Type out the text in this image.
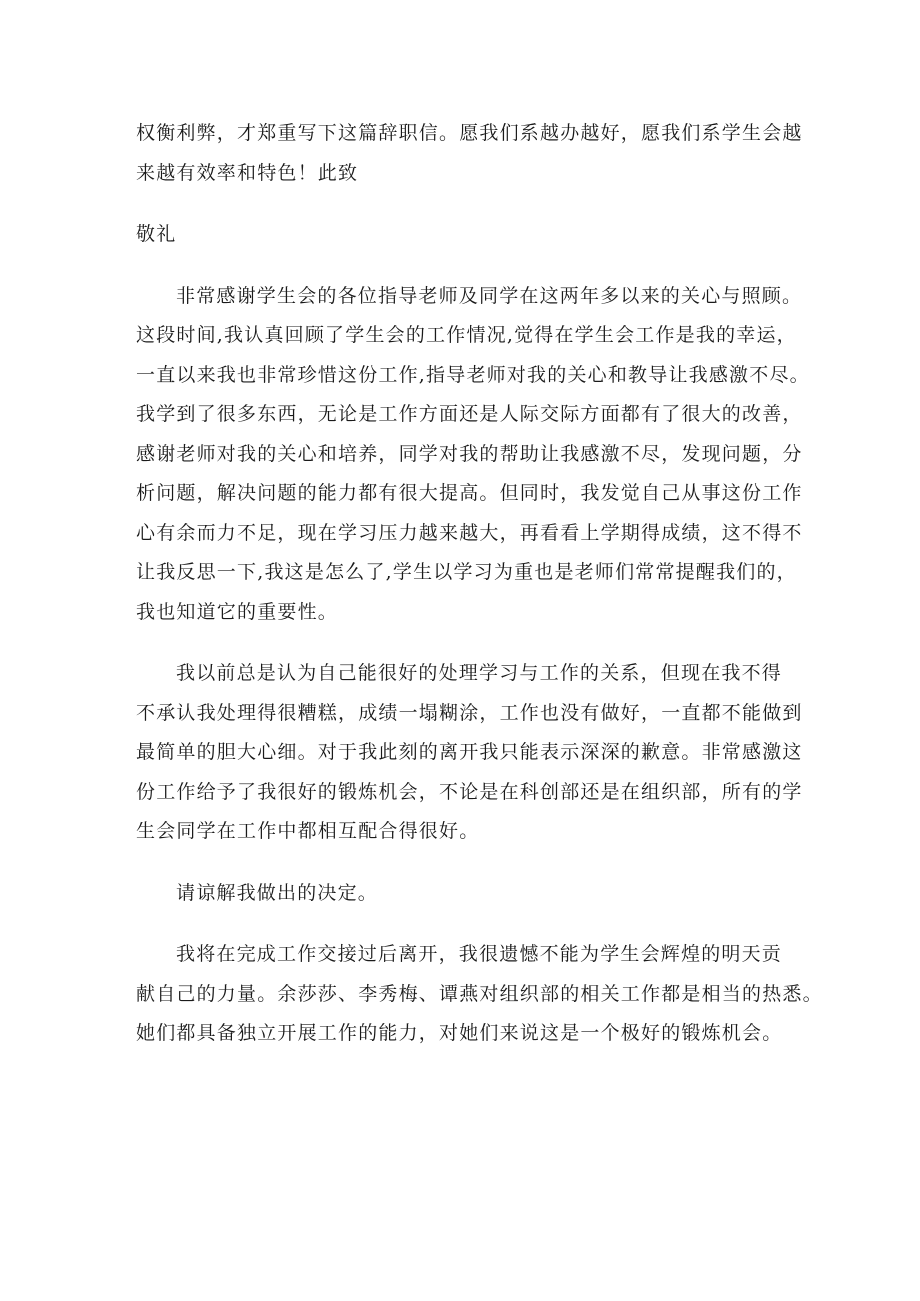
权衡利弊，才郑重写下这篇辞职信。愿我们系越办越好，愿我们系学生会越
来越有效率和特色！此致

敬礼

非常感谢学生会的各位指导老师及同学在这两年多以来的关心与照顾。
这段时间,我认真回顾了学生会的工作情况,觉得在学生会工作是我的幸运，
一直以来我也非常珍惜这份工作,指导老师对我的关心和教导让我感激不尽。
我学到了很多东西，无论是工作方面还是人际交际方面都有了很大的改善，
感谢老师对我的关心和培养，同学对我的帮助让我感激不尽，发现问题，分
析问题，解决问题的能力都有很大提高。但同时，我发觉自己从事这份工作
心有余而力不足，现在学习压力越来越大，再看看上学期得成绩，这不得不
让我反思一下,我这是怎么了,学生以学习为重也是老师们常常提醒我们的，
我也知道它的重要性。

我以前总是认为自己能很好的处理学习与工作的关系，但现在我不得
不承认我处理得很糟糕，成绩一塌糊涂，工作也没有做好，一直都不能做到
最简单的胆大心细。对于我此刻的离开我只能表示深深的歉意。非常感激这
份工作给予了我很好的锻炼机会，不论是在科创部还是在组织部，所有的学
生会同学在工作中都相互配合得很好。

请谅解我做出的决定。

我将在完成工作交接过后离开，我很遗憾不能为学生会辉煌的明天贡
献自己的力量。余莎莎、李秀梅、谭燕对组织部的相关工作都是相当的热悉。
她们都具备独立开展工作的能力，对她们来说这是一个极好的锻炼机会。
